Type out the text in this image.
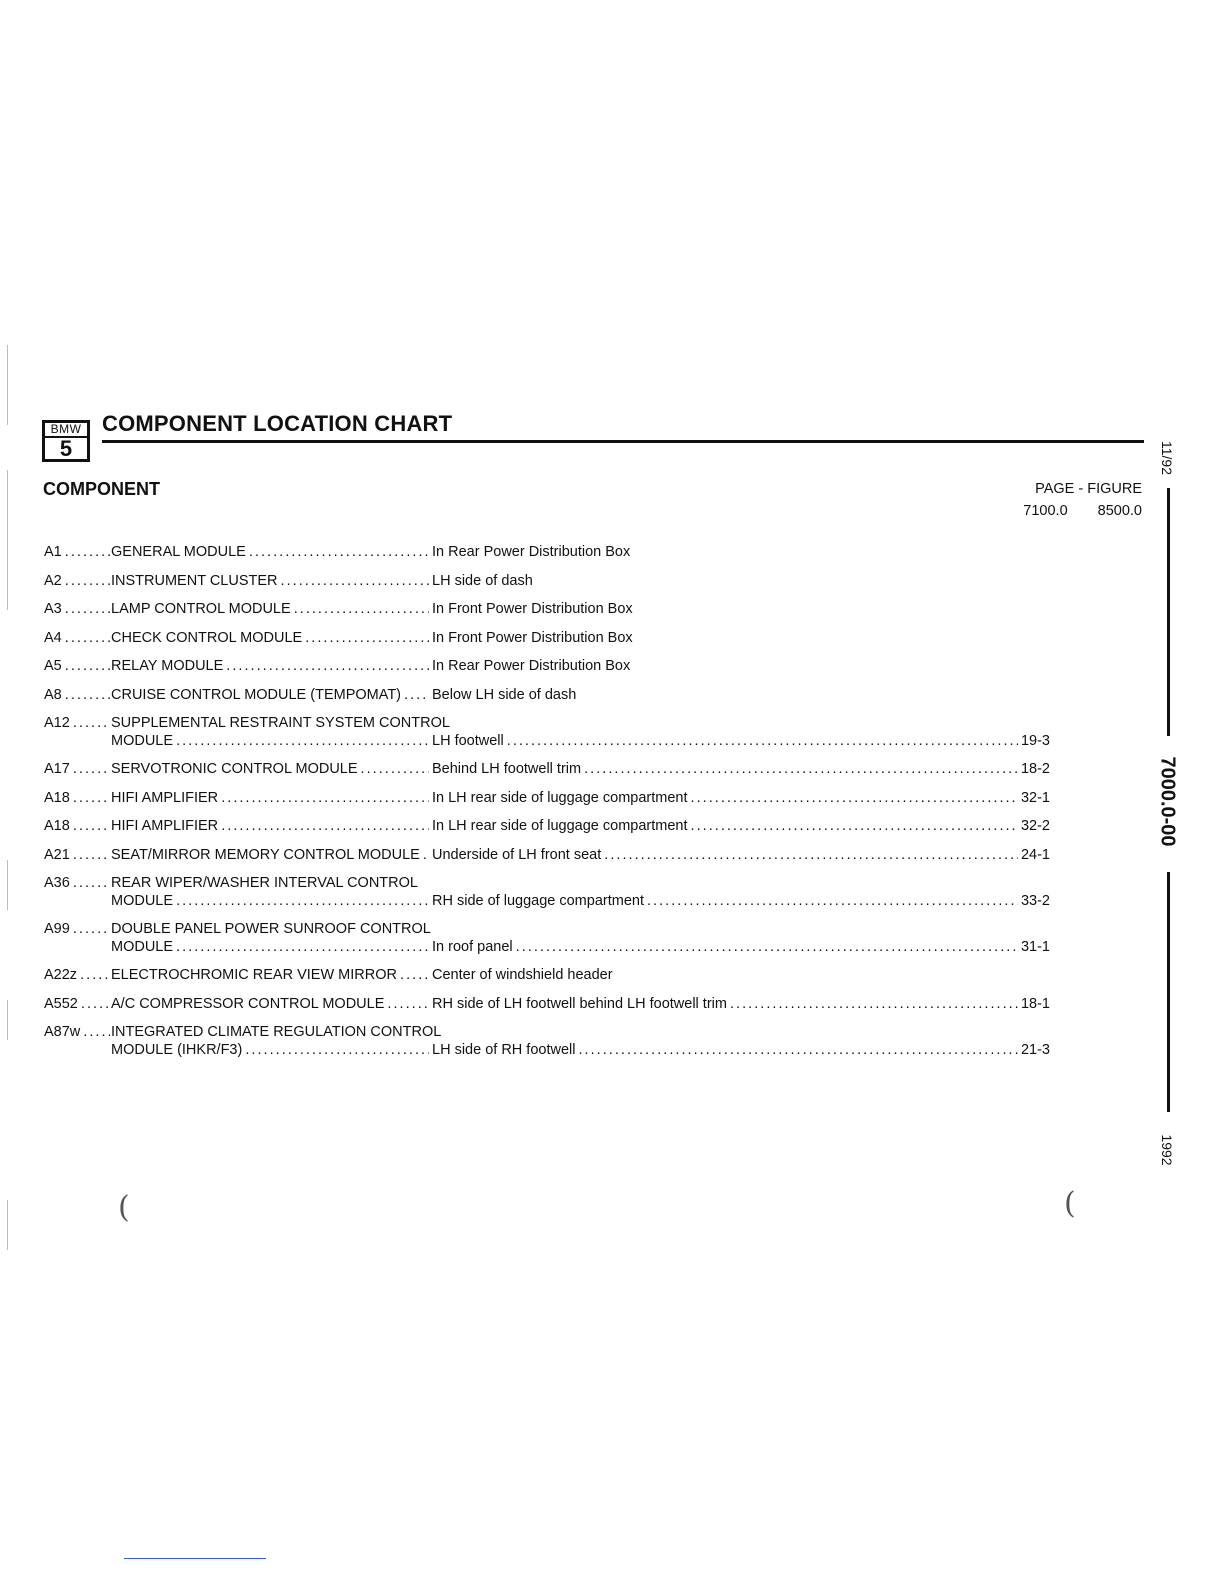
BMW
5
COMPONENT LOCATION CHART
COMPONENT	PAGE - FIGURE
7100.0 8500.0
A1 . . .	GENERAL MODULE . . .	In Rear Power Distribution Box
A2 . . .	INSTRUMENT CLUSTER . . .	LH side of dash
A3 . . .	LAMP CONTROL MODULE . . .	In Front Power Distribution Box
A4 . . .	CHECK CONTROL MODULE . . .	In Front Power Distribution Box
A5 . . .	RELAY MODULE . . .	In Rear Power Distribution Box
A8 . . .	CRUISE CONTROL MODULE (TEMPOMAT) . . .	Below LH side of dash
A12 . . .	SUPPLEMENTAL RESTRAINT SYSTEM CONTROL
MODULE . . .	LH footwell	19-3
. . .
A17 . . .	SERVOTRONIC CONTROL MODULE . . .	Behind LH footwell trim	18-2
. . .
A18 . . .	HIFI AMPLIFIER . . .	In LH rear side of luggage compartment	32-1
. . .
A18 . . .	HIFI AMPLIFIER . . .	In LH rear side of luggage compartment	32-2
. . .
A21 . . .	SEAT/MIRROR MEMORY CONTROL MODULE . . . Underside of LH front seat	24-1
. . .
A36 . . .	REAR WIPER/WASHER INTERVAL CONTROL
MODULE . . .	RH side of luggage compartment	33-2
. . .
A99 . . .	DOUBLE PANEL POWER SUNROOF CONTROL
MODULE . . .	In roof panel	31-1
. . .
A22z . . .	ELECTROCHROMIC REAR VIEW MIRROR . . .	Center of windshield header
A552 . . .	A/C COMPRESSOR CONTROL MODULE . . .	RH side of LH footwell behind LH footwell trim	18-1
. . .
A87w . . .	INTEGRATED CLIMATE REGULATION CONTROL
MODULE (IHKR/F3) . . .	LH side of RH footwell	21-3
. . .
11/92
7000.0-00
1992
(	(
